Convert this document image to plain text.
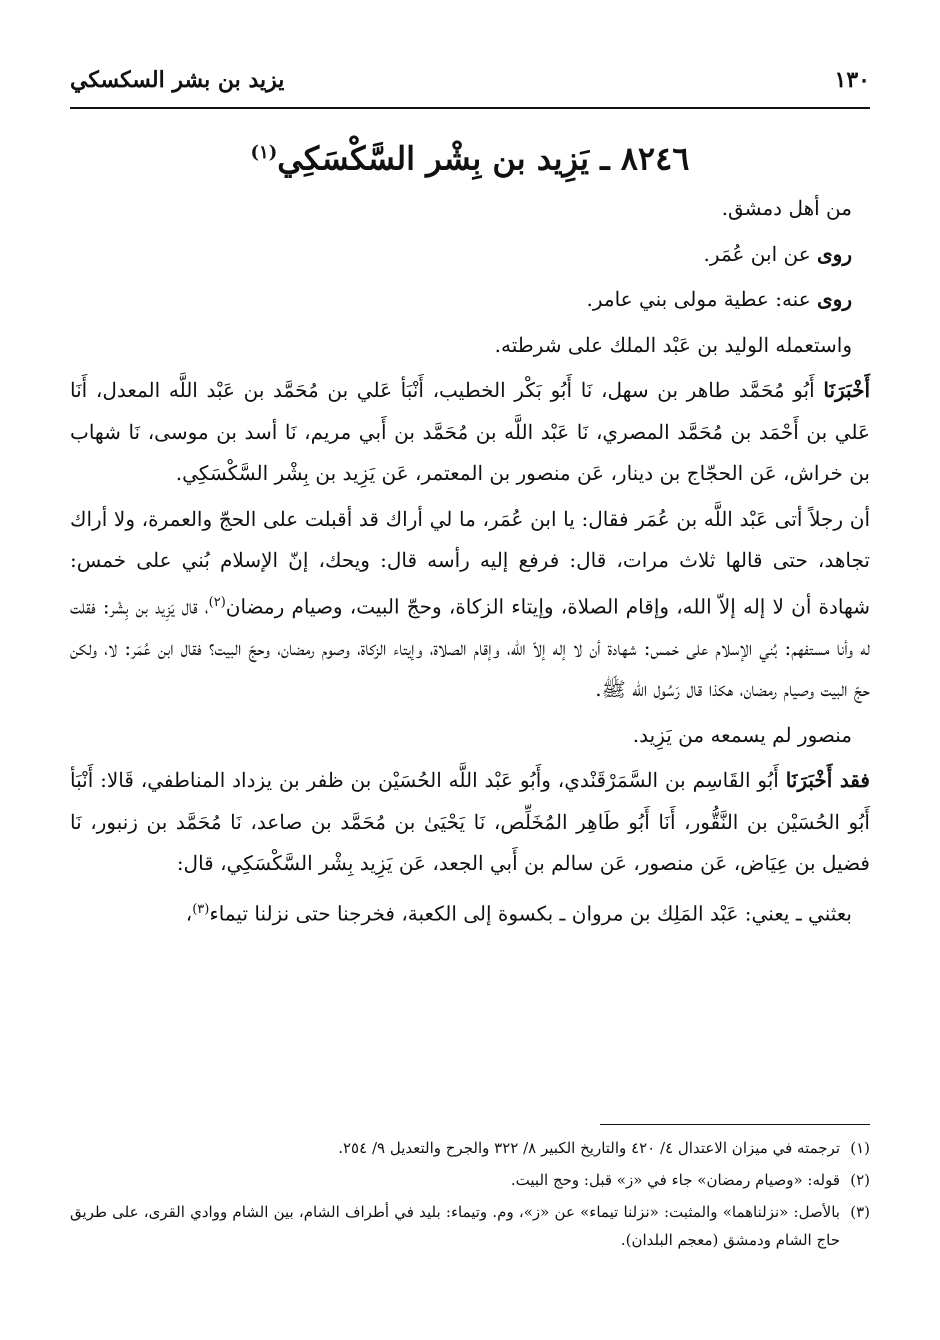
١٣٠
يزيد بن بشر السكسكي
٨٢٤٦ ـ يَزِيد بن بِشْر السَّكْسَكِي$^{(١)}$

من أهل دمشق.

روى عن ابن عُمَر.

روى عنه: عطية مولى بني عامر.

واستعمله الوليد بن عَبْد الملك على شرطته.

أَخْبَرَنَا أَبُو مُحَمَّد طاهر بن سهل، نَا أَبُو بَكْر الخطيب، أَنْبَأ عَلي بن مُحَمَّد بن عَبْد اللَّه المعدل، أَنَا عَلي بن أَحْمَد بن مُحَمَّد المصري، نَا عَبْد اللَّه بن مُحَمَّد بن أَبي مريم، نَا أسد بن موسى، نَا شهاب بن خراش، عَن الحجّاج بن دينار، عَن منصور بن المعتمر، عَن يَزِيد بن بِشْر السَّكْسَكِي.

أن رجلاً أتى عَبْد اللَّه بن عُمَر فقال: يا ابن عُمَر، ما لي أراك قد أقبلت على الحجّ والعمرة، ولا أراك تجاهد، حتى قالها ثلاث مرات، قال: فرفع إليه رأسه قال: ويحك، إنّ الإسلام بُني على خمس: شهادة أن لا إله إلاّ الله، وإقام الصلاة، وإيتاء الزكاة، وحجّ البيت، وصيام رمضان$^{(٢)}$، قال يَزِيد بن بِشْر: فقلت له وأنا مستفهم: بُني الإسلام على خمس: شهادة أن لا إله إلاّ الله، وإقام الصلاة، وإيتاء الزكاة، وصوم رمضان، وحجّ البيت؟ فقال ابن عُمَر: لا، ولكن حجّ البيت وصيام رمضان، هكذا قال رَسُول الله ﷺ.

منصور لم يسمعه من يَزِيد.

فقد أَخْبَرَنَا أَبُو القَاسِم بن السَّمَرْقَنْدي، وأَبُو عَبْد اللَّه الحُسَيْن بن ظفر بن يزداد المناطفي، قَالا: أَنْبَأ أَبُو الحُسَيْن بن النَّقُّور، أَنَا أَبُو طَاهِر المُخَلِّص، نَا يَحْيَىٰ بن مُحَمَّد بن صاعد، نَا مُحَمَّد بن زنبور، نَا فضيل بن عِيَاض، عَن منصور، عَن سالم بن أَبي الجعد، عَن يَزِيد بِشْر السَّكْسَكِي، قال:

بعثني ـ يعني: عَبْد المَلِك بن مروان ـ بكسوة إلى الكعبة، فخرجنا حتى نزلنا تيماء$^{(٣)}$،

(١)
ترجمته في ميزان الاعتدال ٤/ ٤٢٠ والتاريخ الكبير ٨/ ٣٢٢ والجرح والتعديل ٩/ ٢٥٤.
(٢)
قوله: «وصيام رمضان» جاء في «ز» قبل: وحج البيت.
(٣)
بالأصل: «نزلناهما» والمثبت: «نزلنا تيماء» عن «ز»، وم. وتيماء: بليد في أطراف الشام، بين الشام ووادي القرى، على طريق حاج الشام ودمشق (معجم البلدان).
